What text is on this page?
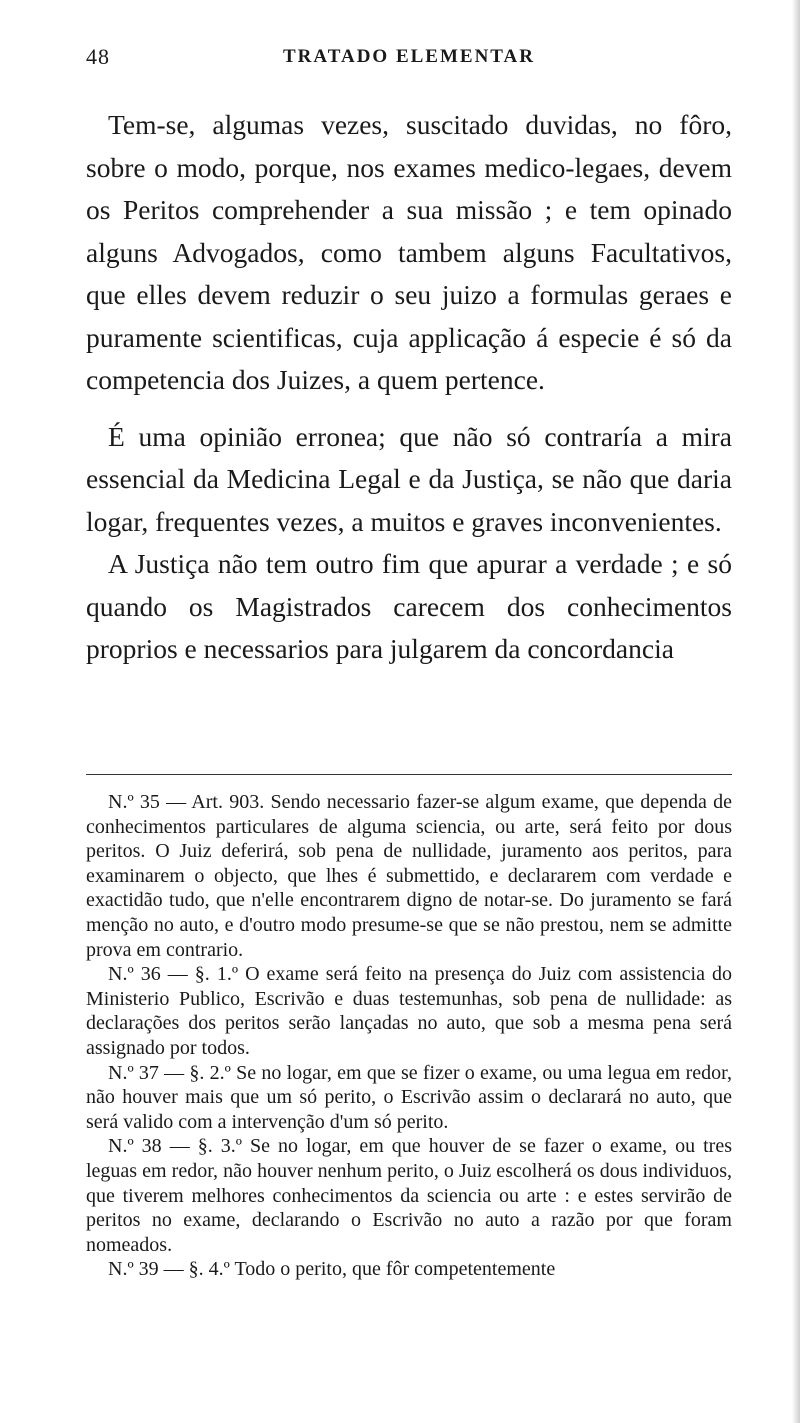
48	TRATADO ELEMENTAR

Tem-se, algumas vezes, suscitado duvidas, no fôro, sobre o modo, porque, nos exames medico-legaes, devem os Peritos comprehender a sua missão ; e tem opinado alguns Advogados, como tambem alguns Facultativos, que elles devem reduzir o seu juizo a formulas geraes e puramente scientificas, cuja applicação á especie é só da competencia dos Juizes, a quem pertence.

É uma opinião erronea; que não só contraría a mira essencial da Medicina Legal e da Justiça, se não que daria logar, frequentes vezes, a muitos e graves inconvenientes.

A Justiça não tem outro fim que apurar a verdade ; e só quando os Magistrados carecem dos conhecimentos proprios e necessarios para julgarem da concordancia

N.º 35 — Art. 903. Sendo necessario fazer-se algum exame, que dependa de conhecimentos particulares de alguma sciencia, ou arte, será feito por dous peritos. O Juiz deferirá, sob pena de nullidade, juramento aos peritos, para examinarem o objecto, que lhes é submettido, e declararem com verdade e exactidão tudo, que n'elle encontrarem digno de notar-se. Do juramento se fará menção no auto, e d'outro modo presume-se que se não prestou, nem se admitte prova em contrario.

N.º 36 — §. 1.º O exame será feito na presença do Juiz com assistencia do Ministerio Publico, Escrivão e duas testemunhas, sob pena de nullidade: as declarações dos peritos serão lançadas no auto, que sob a mesma pena será assignado por todos.

N.º 37 — §. 2.º Se no logar, em que se fizer o exame, ou uma legua em redor, não houver mais que um só perito, o Escrivão assim o declarará no auto, que será valido com a intervenção d'um só perito.

N.º 38 — §. 3.º Se no logar, em que houver de se fazer o exame, ou tres leguas em redor, não houver nenhum perito, o Juiz escolherá os dous individuos, que tiverem melhores conhecimentos da sciencia ou arte : e estes servirão de peritos no exame, declarando o Escrivão no auto a razão por que foram nomeados.

N.º 39 — §. 4.º Todo o perito, que fôr competentemente
